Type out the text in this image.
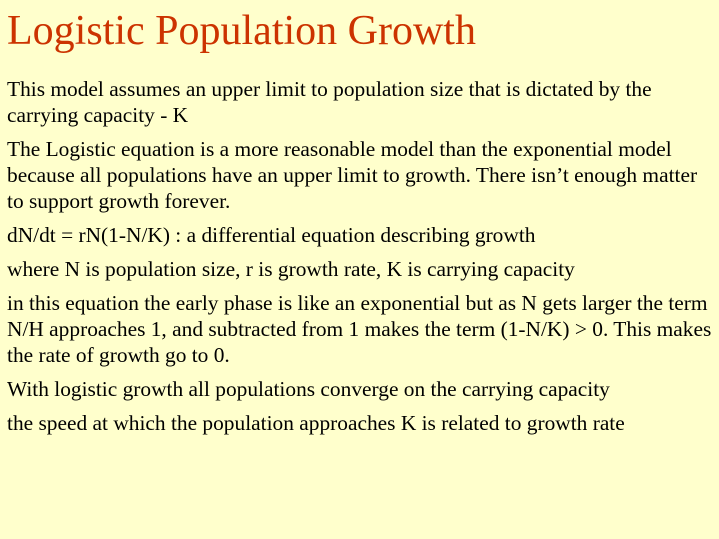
Logistic Population Growth

This model assumes an upper limit to population size that is dictated by the carrying capacity - K

The Logistic equation is a more reasonable model than the exponential model because all populations have an upper limit to growth. There isn’t enough matter to support growth forever.

dN/dt = rN(1-N/K) : a differential equation describing growth

where N is population size, r is growth rate, K is carrying capacity

in this equation the early phase is like an exponential but as N gets larger the term N/H approaches 1, and subtracted from 1 makes the term (1-N/K) > 0. This makes the rate of growth go to 0.

With logistic growth all populations converge on the carrying capacity

the speed at which the population approaches K is related to growth rate
